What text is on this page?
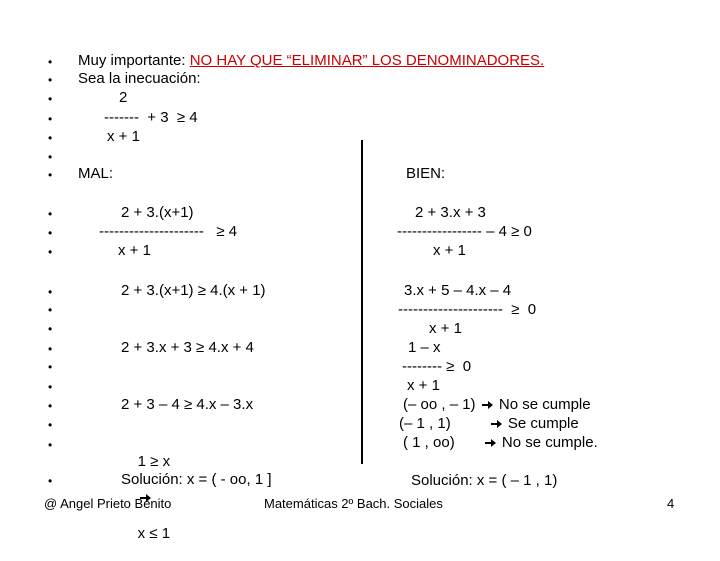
•
•
•
•
•
•
•
•
•
•
•
•
•
•
•
•
•
•
•
•
Muy importante: NO HAY QUE “ELIMINAR” LOS DENOMINADORES.
Sea la inecuación:
2
-------  + 3  ≥ 4
x + 1
MAL:	BIEN:
2 + 3.(x+1)
---------------------   ≥ 4
x + 1
2 + 3.(x+1) ≥ 4.(x + 1)
2 + 3.x + 3 ≥ 4.x + 4
2 + 3 – 4 ≥ 4.x – 3.x

1 ≥ x

x ≤ 1

Solución: x = ( - oo, 1 ]
2 + 3.x + 3
----------------- – 4 ≥ 0
x + 1
3.x + 5 – 4.x – 4
---------------------  ≥  0
x + 1
1 – x
-------- ≥  0
x + 1
(– oo , – 1) No se cumple
(– 1 , 1)	Se cumple
( 1 , oo)	No se cumple.
Solución: x = ( – 1 , 1)
@ Angel Prieto Benito	Matemáticas 2º Bach. Sociales	4
